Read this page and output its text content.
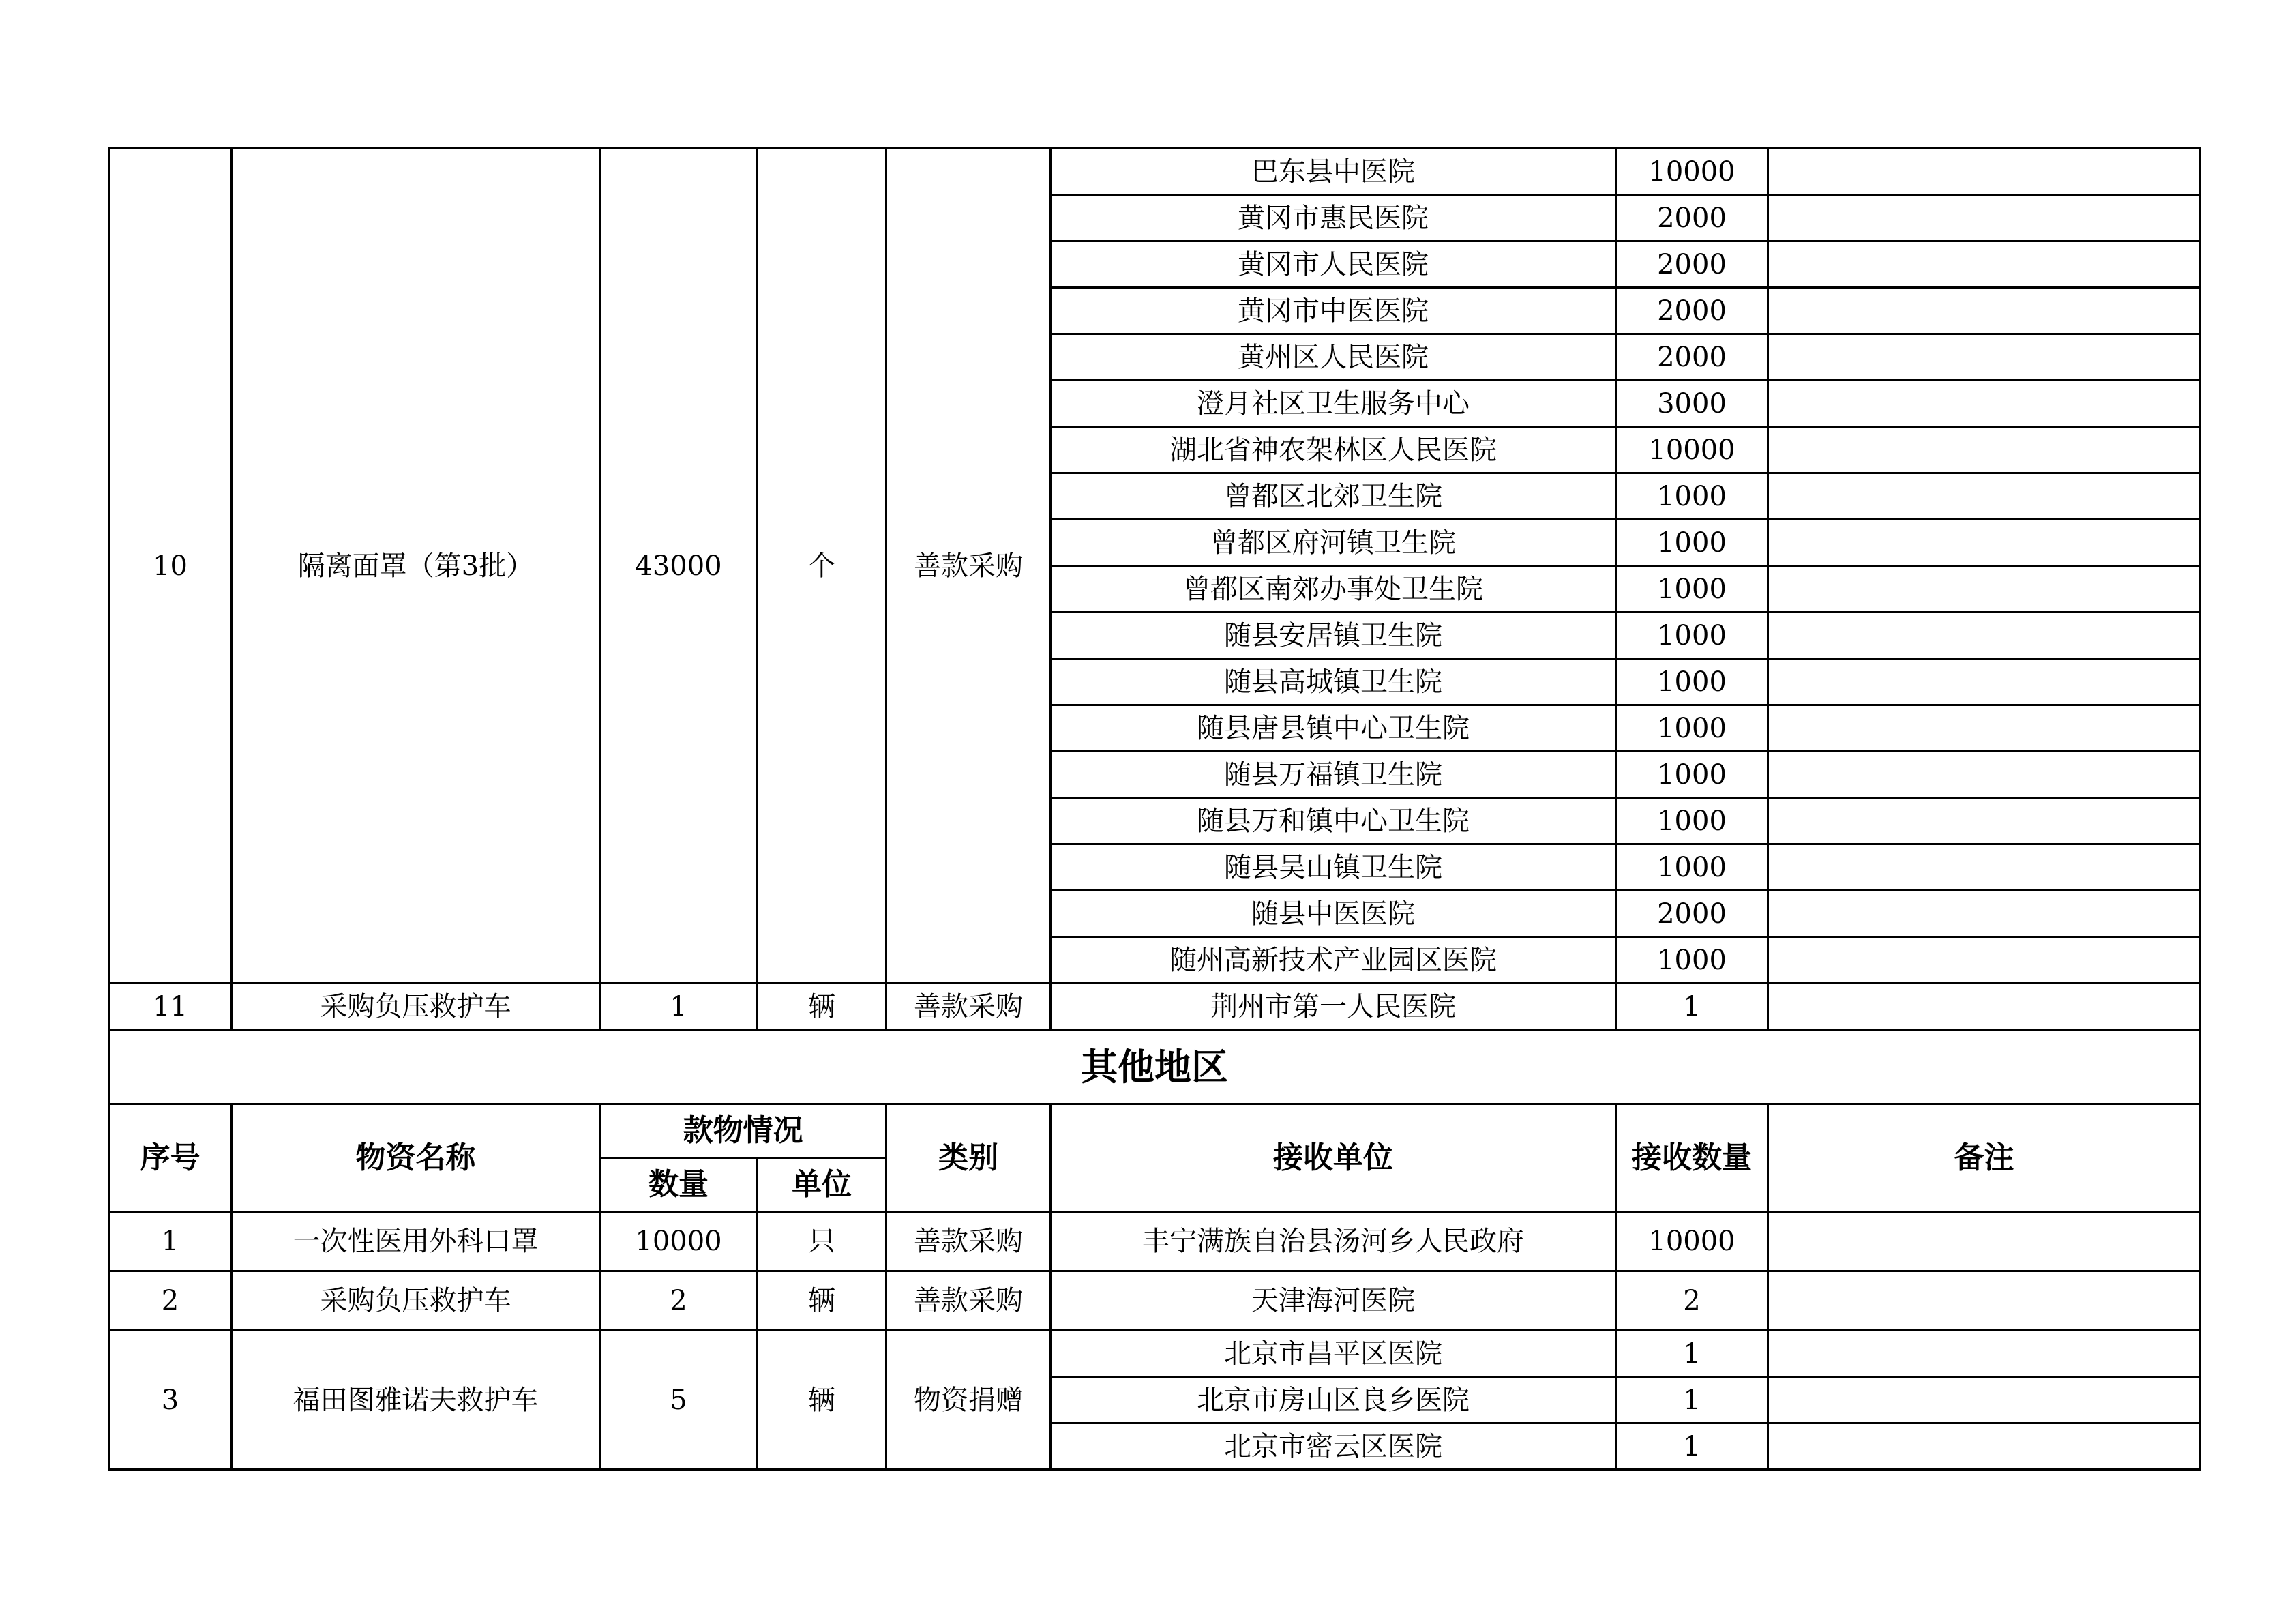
10	隔离面罩（第3批）	43000	个	善款采购	巴东县中医院	10000	
					黄冈市惠民医院	2000	
					黄冈市人民医院	2000	
					黄冈市中医医院	2000	
					黄州区人民医院	2000	
					澄月社区卫生服务中心	3000	
					湖北省神农架林区人民医院	10000	
					曾都区北郊卫生院	1000	
					曾都区府河镇卫生院	1000	
					曾都区南郊办事处卫生院	1000	
					随县安居镇卫生院	1000	
					随县高城镇卫生院	1000	
					随县唐县镇中心卫生院	1000	
					随县万福镇卫生院	1000	
					随县万和镇中心卫生院	1000	
					随县吴山镇卫生院	1000	
					随县中医医院	2000	
					随州高新技术产业园区医院	1000	
11	采购负压救护车	1	辆	善款采购	荆州市第一人民医院	1	
其他地区							
序号	物资名称	款物情况		类别	接收单位	接收数量	备注
		数量	单位				
1	一次性医用外科口罩	10000	只	善款采购	丰宁满族自治县汤河乡人民政府	10000	
2	采购负压救护车	2	辆	善款采购	天津海河医院	2	
3	福田图雅诺夫救护车	5	辆	物资捐赠	北京市昌平区医院	1	
					北京市房山区良乡医院	1	
					北京市密云区医院	1	
